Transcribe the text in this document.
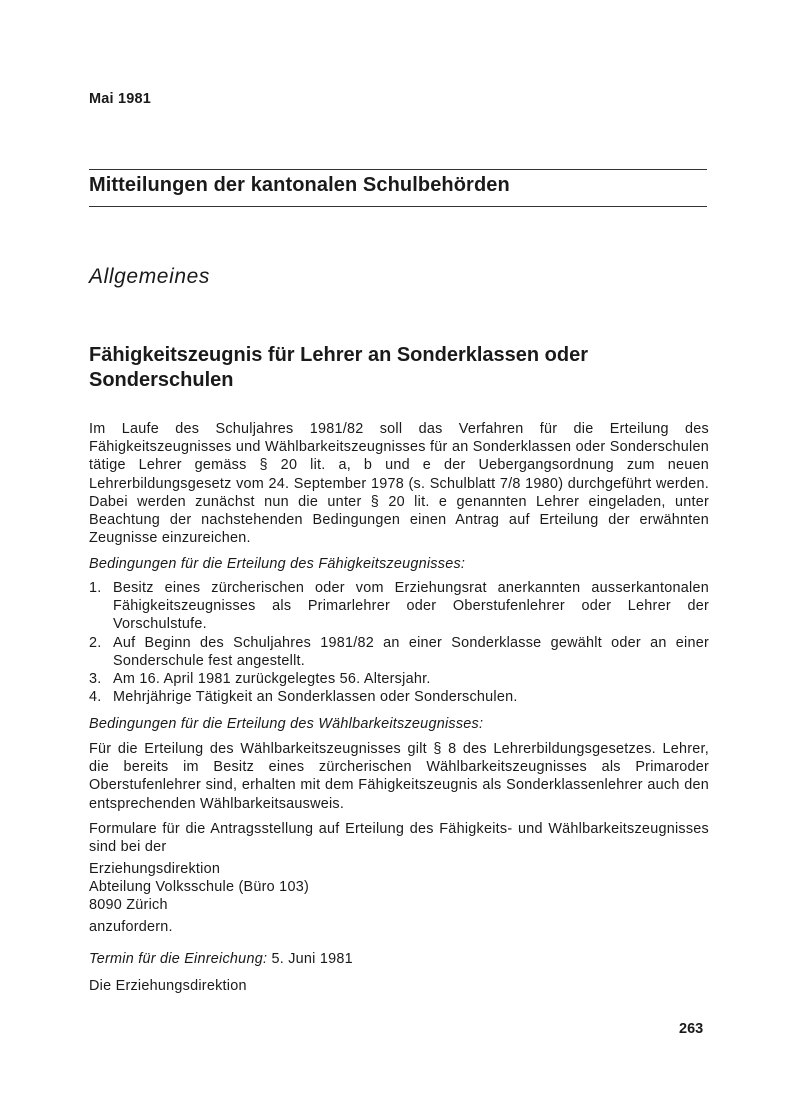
Mai 1981
Mitteilungen der kantonalen Schulbehörden
Allgemeines
Fähigkeitszeugnis für Lehrer an Sonderklassen oder Sonderschulen
Im Laufe des Schuljahres 1981/82 soll das Verfahren für die Erteilung des Fähigkeitszeugnisses und Wählbarkeitszeugnisses für an Sonderklassen oder Sonderschulen tätige Lehrer gemäss § 20 lit. a, b und e der Uebergangsordnung zum neuen Lehrerbildungsgesetz vom 24. September 1978 (s. Schulblatt 7/8 1980) durchgeführt werden. Dabei werden zunächst nun die unter § 20 lit. e genannten Lehrer eingeladen, unter Beachtung der nachstehenden Bedingungen einen Antrag auf Erteilung der erwähnten Zeugnisse einzureichen.
Bedingungen für die Erteilung des Fähigkeitszeugnisses:
1. Besitz eines zürcherischen oder vom Erziehungsrat anerkannten ausserkantonalen Fähigkeitszeugnisses als Primarlehrer oder Oberstufenlehrer oder Lehrer der Vorschulstufe.
2. Auf Beginn des Schuljahres 1981/82 an einer Sonderklasse gewählt oder an einer Sonderschule fest angestellt.
3. Am 16. April 1981 zurückgelegtes 56. Altersjahr.
4. Mehrjährige Tätigkeit an Sonderklassen oder Sonderschulen.
Bedingungen für die Erteilung des Wählbarkeitszeugnisses:
Für die Erteilung des Wählbarkeitszeugnisses gilt § 8 des Lehrerbildungsgesetzes. Lehrer, die bereits im Besitz eines zürcherischen Wählbarkeitszeugnisses als Primaroder Oberstufenlehrer sind, erhalten mit dem Fähigkeitszeugnis als Sonderklassenlehrer auch den entsprechenden Wählbarkeitsausweis.
Formulare für die Antragsstellung auf Erteilung des Fähigkeits- und Wählbarkeitszeugnisses sind bei der
Erziehungsdirektion
Abteilung Volksschule (Büro 103)
8090 Zürich
anzufordern.
Termin für die Einreichung: 5. Juni 1981
Die Erziehungsdirektion
263
